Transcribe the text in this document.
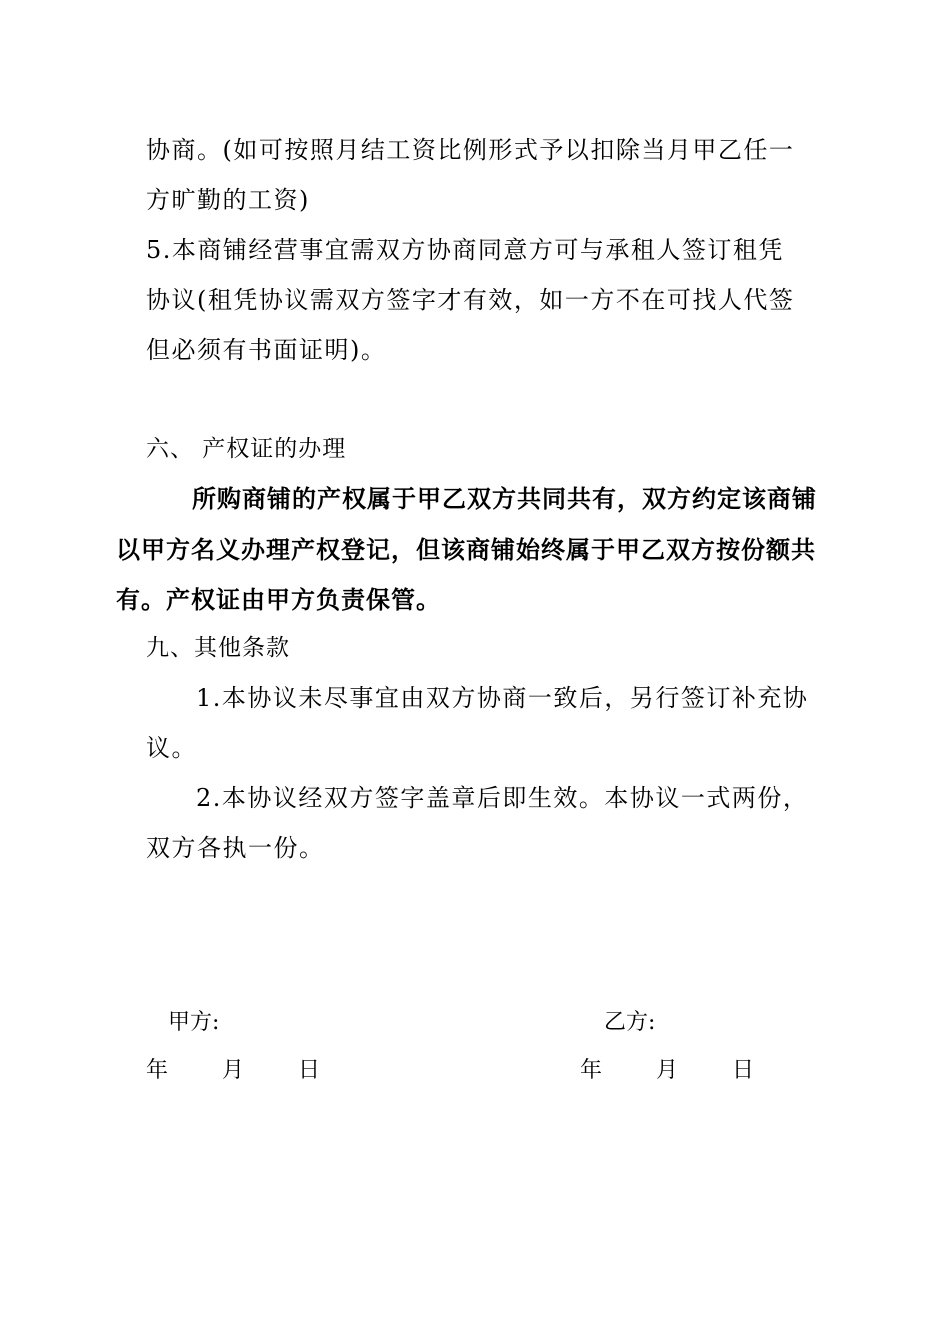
协商。(如可按照月结工资比例形式予以扣除当月甲乙任一
方旷勤的工资)
5.本商铺经营事宜需双方协商同意方可与承租人签订租凭
协议(租凭协议需双方签字才有效，如一方不在可找人代签
但必须有书面证明)。
六、 产权证的办理
所购商铺的产权属于甲乙双方共同共有，双方约定该商铺
以甲方名义办理产权登记，但该商铺始终属于甲乙双方按份额共
有。产权证由甲方负责保管。
九、其他条款
1.本协议未尽事宜由双方协商一致后，另行签订补充协
议。
2.本协议经双方签字盖章后即生效。本协议一式两份，
双方各执一份。
甲方:	乙方:
年 月 日	年 月 日
